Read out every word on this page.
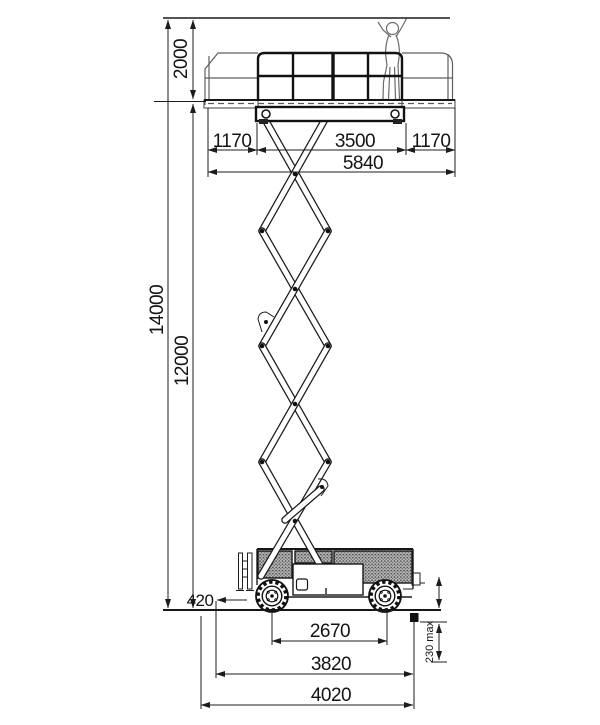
2000
14000
12000
1170	3500 1170
5840
420
2670
3820
4020
230 max
